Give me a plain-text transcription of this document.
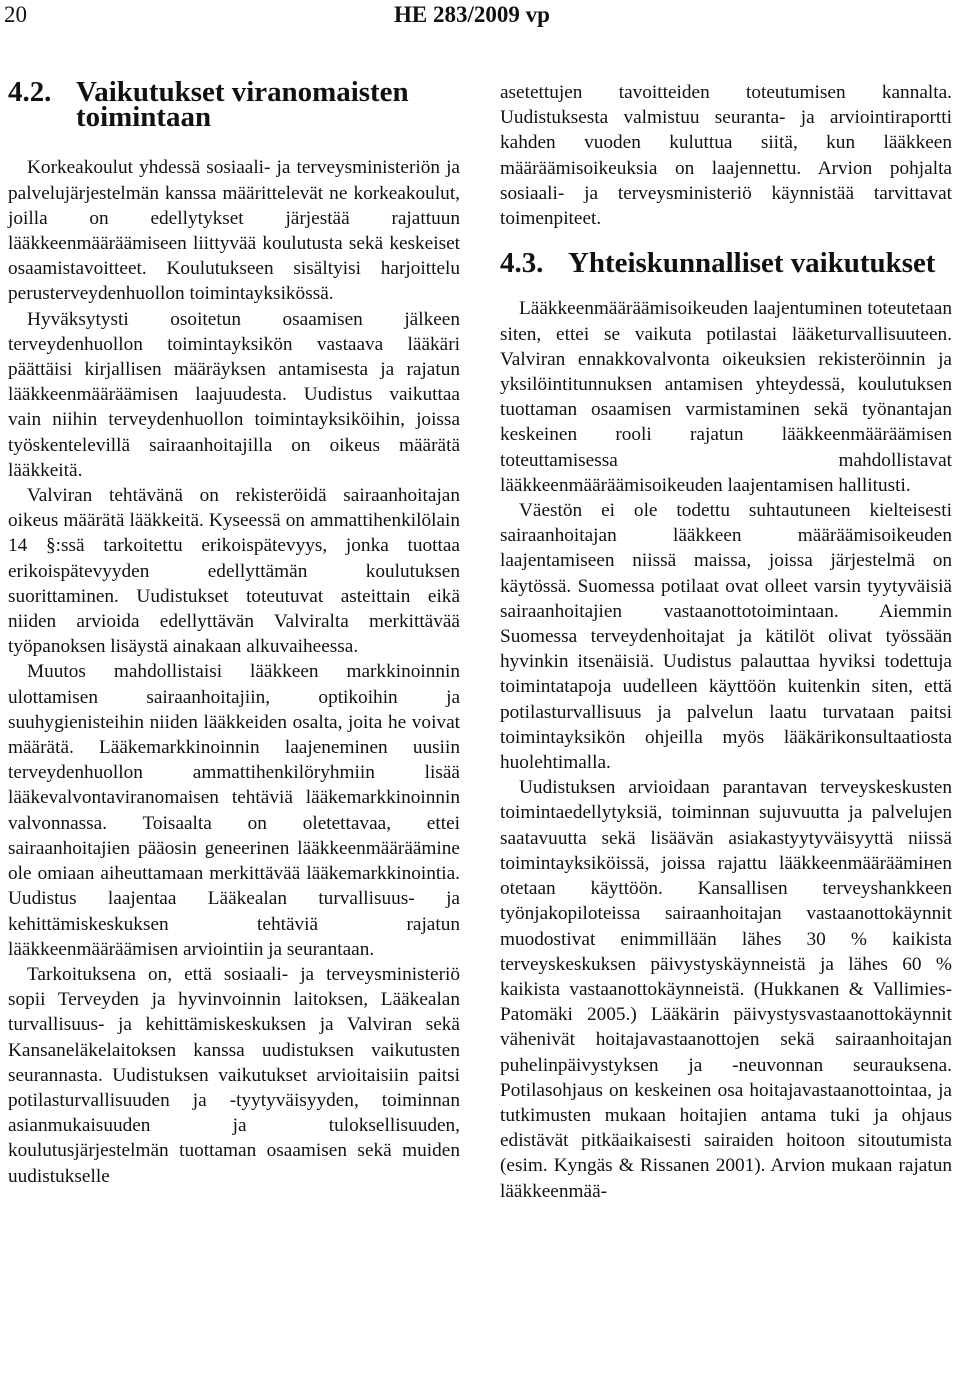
20	HE 283/2009 vp
4.2. Vaikutukset viranomaisten toimintaan

Korkeakoulut yhdessä sosiaali- ja terveysministeriön ja palvelujärjestelmän kanssa määrittelevät ne korkeakoulut, joilla on edellytykset järjestää rajattuun lääkkeenmääräämiseen liittyvää koulutusta sekä keskeiset osaamistavoitteet. Koulutukseen sisältyisi harjoittelu perusterveydenhuollon toimintayksikössä.

Hyväksytysti osoitetun osaamisen jälkeen terveydenhuollon toimintayksikön vastaava lääkäri päättäisi kirjallisen määräyksen antamisesta ja rajatun lääkkeenmääräämisen laajuudesta. Uudistus vaikuttaa vain niihin terveydenhuollon toimintayksiköihin, joissa työskentelevillä sairaanhoitajilla on oikeus määrätä lääkkeitä.

Valviran tehtävänä on rekisteröidä sairaanhoitajan oikeus määrätä lääkkeitä. Kyseessä on ammattihenkilölain 14 §:ssä tarkoitettu erikoispätevyys, jonka tuottaa erikoispätevyyden edellyttämän koulutuksen suorittaminen. Uudistukset toteutuvat asteittain eikä niiden arvioida edellyttävän Valviralta merkittävää työpanoksen lisäystä ainakaan alkuvaiheessa.

Muutos mahdollistaisi lääkkeen markkinoinnin ulottamisen sairaanhoitajiin, optikoihin ja suuhygienisteihin niiden lääkkeiden osalta, joita he voivat määrätä. Lääkemarkkinoinnin laajeneminen uusiin terveydenhuollon ammattihenkilöryhmiin lisää lääkevalvontaviranomaisen tehtäviä lääkemarkkinoinnin valvonnassa. Toisaalta on oletettavaa, ettei sairaanhoitajien pääosin geneerinen lääkkeenmääräämine ole omiaan aiheuttamaan merkittävää lääkemarkkinointia. Uudistus laajentaa Lääkealan turvallisuus- ja kehittämiskeskuksen tehtäviä rajatun lääkkeenmääräämisen arviointiin ja seurantaan.

Tarkoituksena on, että sosiaali- ja terveysministeriö sopii Terveyden ja hyvinvoinnin laitoksen, Lääkealan turvallisuus- ja kehittämiskeskuksen ja Valviran sekä Kansaneläkelaitoksen kanssa uudistuksen vaikutusten seurannasta. Uudistuksen vaikutukset arvioitaisiin paitsi potilasturvallisuuden ja -tyytyväisyyden, toiminnan asianmukaisuuden ja tuloksellisuuden, koulutusjärjestelmän tuottaman osaamisen sekä muiden uudistukselle

asetettujen tavoitteiden toteutumisen kannalta. Uudistuksesta valmistuu seuranta- ja arviointiraportti kahden vuoden kuluttua siitä, kun lääkkeen määräämisoikeuksia on laajennettu. Arvion pohjalta sosiaali- ja terveysministeriö käynnistää tarvittavat toimenpiteet.

4.3. Yhteiskunnalliset vaikutukset

Lääkkeenmääräämisoikeuden laajentuminen toteutetaan siten, ettei se vaikuta potilastai lääketurvallisuuteen. Valviran ennakkovalvonta oikeuksien rekisteröinnin ja yksilöintitunnuksen antamisen yhteydessä, koulutuksen tuottaman osaamisen varmistaminen sekä työnantajan keskeinen rooli rajatun lääkkeenmääräämisen toteuttamisessa mahdollistavat lääkkeenmääräämisoikeuden laajentamisen hallitusti.

Väestön ei ole todettu suhtautuneen kielteisesti sairaanhoitajan lääkkeen määräämisoikeuden laajentamiseen niissä maissa, joissa järjestelmä on käytössä. Suomessa potilaat ovat olleet varsin tyytyväisiä sairaanhoitajien vastaanottotoimintaan. Aiemmin Suomessa terveydenhoitajat ja kätilöt olivat työssään hyvinkin itsenäisiä. Uudistus palauttaa hyviksi todettuja toimintatapoja uudelleen käyttöön kuitenkin siten, että potilasturvallisuus ja palvelun laatu turvataan paitsi toimintayksikön ohjeilla myös lääkärikonsultaatiosta huolehtimalla.

Uudistuksen arvioidaan parantavan terveyskeskusten toimintaedellytyksiä, toiminnan sujuvuutta ja palvelujen saatavuutta sekä lisäävän asiakastyytyväisyyttä niissä toimintayksiköissä, joissa rajattu lääkkeenmääräämінen otetaan käyttöön. Kansallisen terveyshankkeen työnjakopiloteissa sairaanhoitajan vastaanottokäynnit muodostivat enimmillään lähes 30 % kaikista terveyskeskuksen päivystyskäynneistä ja lähes 60 % kaikista vastaanottokäynneistä. (Hukkanen & Vallimies-Patomäki 2005.) Lääkärin päivystysvastaanottokäynnit vähenivät hoitajavastaanottojen sekä sairaanhoitajan puhelinpäivystyksen ja -neuvonnan seurauksena. Potilasohjaus on keskeinen osa hoitajavastaanottointaa, ja tutkimusten mukaan hoitajien antama tuki ja ohjaus edistävät pitkäaikaisesti sairaiden hoitoon sitoutumista (esim. Kyngäs & Rissanen 2001). Arvion mukaan rajatun lääkkeenmää-
